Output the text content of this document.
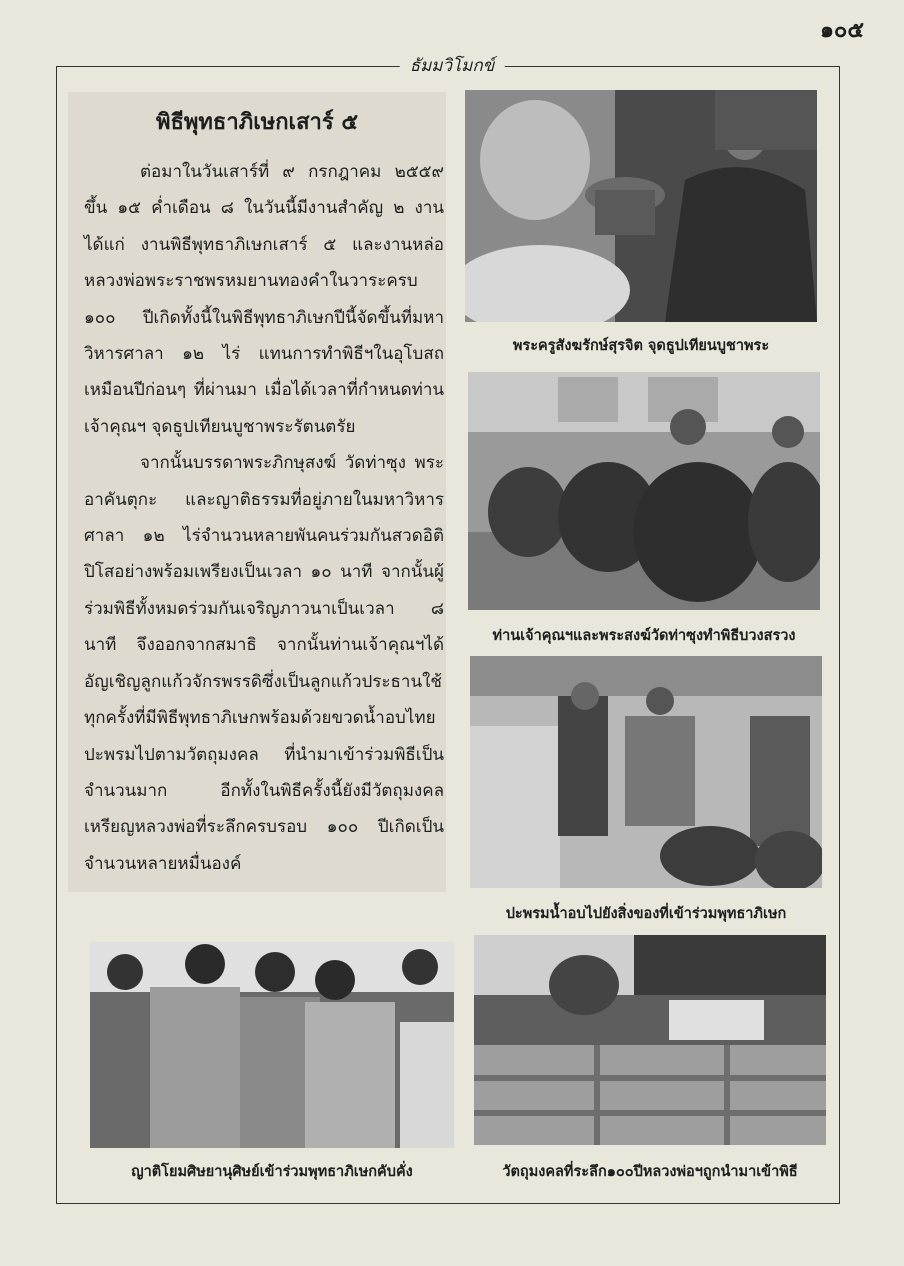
๑๐๕
ธัมมวิโมกข์
พิธีพุทธาภิเษกเสาร์ ๕

ต่อมาในวันเสาร์ที่ ๙ กรกฎาคม ๒๕๕๙ ขึ้น ๑๕ ค่ำเดือน ๘ ในวันนี้มีงานสำคัญ ๒ งาน ได้แก่ งานพิธีพุทธาภิเษกเสาร์ ๕ และงานหล่อหลวงพ่อพระราชพรหมยานทองคำในวาระครบ ๑๐๐ ปีเกิดทั้งนี้ในพิธีพุทธาภิเษกปีนี้จัดขึ้นที่มหาวิหารศาลา ๑๒ ไร่ แทนการทำพิธีฯในอุโบสถเหมือนปีก่อนๆ ที่ผ่านมา เมื่อได้เวลาที่กำหนดท่านเจ้าคุณฯ จุดธูปเทียนบูชาพระรัตนตรัย

จากนั้นบรรดาพระภิกษุสงฆ์ วัดท่าซุง พระอาคันตุกะ และญาติธรรมที่อยู่ภายในมหาวิหารศาลา ๑๒ ไร่จำนวนหลายพันคนร่วมกันสวดอิติปิโสอย่างพร้อมเพรียงเป็นเวลา ๑๐ นาที จากนั้นผู้ร่วมพิธีทั้งหมดร่วมกันเจริญภาวนาเป็นเวลา ๘ นาที จึงออกจากสมาธิ จากนั้นท่านเจ้าคุณฯได้อัญเชิญลูกแก้วจักรพรรดิซึ่งเป็นลูกแก้วประธานใช้ทุกครั้งที่มีพิธีพุทธาภิเษกพร้อมด้วยขวดน้ำอบไทยปะพรมไปตามวัตถุมงคล ที่นำมาเข้าร่วมพิธีเป็นจำนวนมาก อีกทั้งในพิธีครั้งนี้ยังมีวัตถุมงคลเหรียญหลวงพ่อที่ระลึกครบรอบ ๑๐๐ ปีเกิดเป็นจำนวนหลายหมื่นองค์

พระครูสังฆรักษ์สุรจิต จุดธูปเทียนบูชาพระ
ท่านเจ้าคุณฯและพระสงฆ์วัดท่าซุงทำพิธีบวงสรวง
ปะพรมน้ำอบไปยังสิ่งของที่เข้าร่วมพุทธาภิเษก
ญาติโยมศิษยานุศิษย์เข้าร่วมพุทธาภิเษกคับคั่ง	วัตถุมงคลที่ระลึก๑๐๐ปีหลวงพ่อฯถูกนำมาเข้าพิธี
